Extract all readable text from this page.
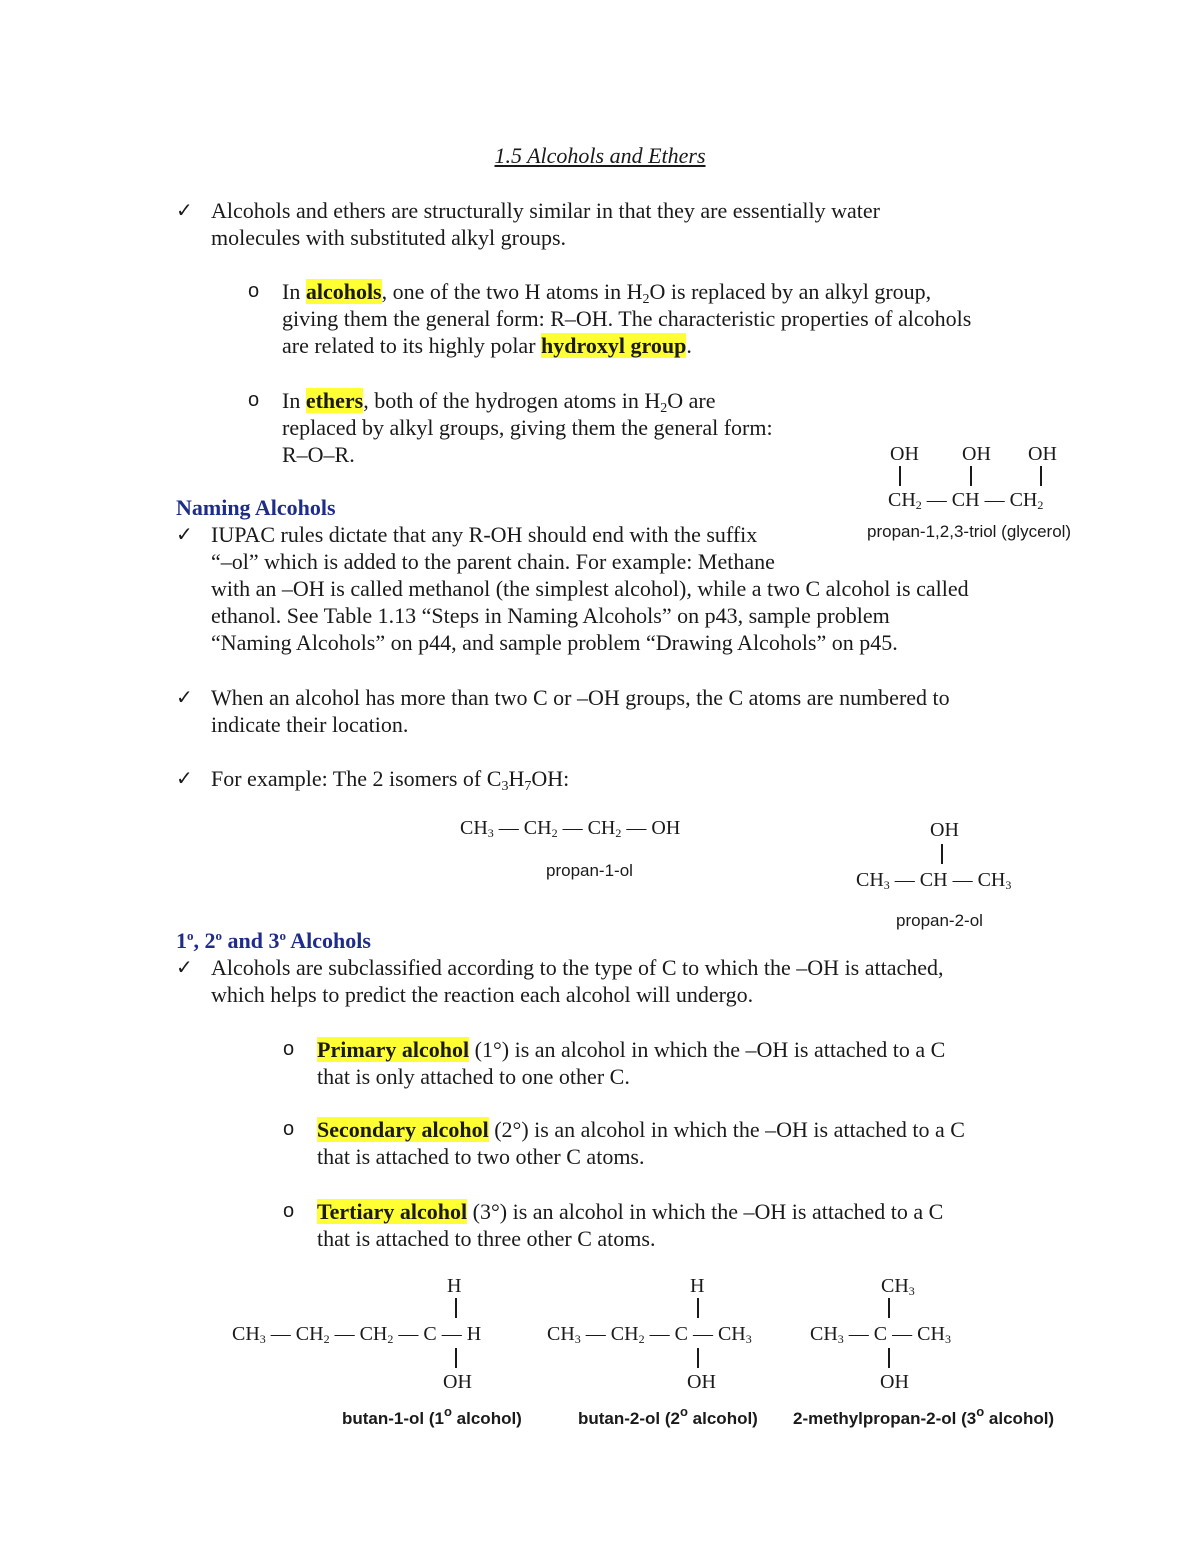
1.5 Alcohols and Ethers
✓ Alcohols and ethers are structurally similar in that they are essentially water
molecules with substituted alkyl groups.
o In alcohols, one of the two H atoms in $H_2O$ is replaced by an alkyl group,
giving them the general form: R–OH. The characteristic properties of alcohols
are related to its highly polar hydroxyl group.
o In ethers, both of the hydrogen atoms in $H_2O$ are
replaced by alkyl groups, giving them the general form:
R–O–R.	OH OH OH
$CH_2$ — CH — $CH_2$
propan-1,2,3-triol (glycerol)
Naming Alcohols
✓ IUPAC rules dictate that any R-OH should end with the suffix
“–ol” which is added to the parent chain. For example: Methane
with an –OH is called methanol (the simplest alcohol), while a two C alcohol is called
ethanol. See Table 1.13 “Steps in Naming Alcohols” on p43, sample problem
“Naming Alcohols” on p44, and sample problem “Drawing Alcohols” on p45.
✓ When an alcohol has more than two C or –OH groups, the C atoms are numbered to
indicate their location.
✓ For example: The 2 isomers of $C_3H_7OH$:
$CH_3$ — $CH_2$ — $CH_2$ — OH
propan-1-ol
OH
$CH_3$ — CH — $CH_3$
propan-2-ol
1$^o$, 2$^o$ and 3$^o$ Alcohols
✓ Alcohols are subclassified according to the type of C to which the –OH is attached,
which helps to predict the reaction each alcohol will undergo.
o Primary alcohol (1°) is an alcohol in which the –OH is attached to a C
that is only attached to one other C.
o Secondary alcohol (2°) is an alcohol in which the –OH is attached to a C
that is attached to two other C atoms.
o Tertiary alcohol (3°) is an alcohol in which the –OH is attached to a C
that is attached to three other C atoms.
H
$CH_3$ — $CH_2$ — $CH_2$ — C — H
OH
butan-1-ol (1$^o$ alcohol)
H
$CH_3$ — $CH_2$ — C — $CH_3$
OH
butan-2-ol (2$^o$ alcohol)
$CH_3$
$CH_3$ — C — $CH_3$
OH
2-methylpropan-2-ol (3$^o$ alcohol)
